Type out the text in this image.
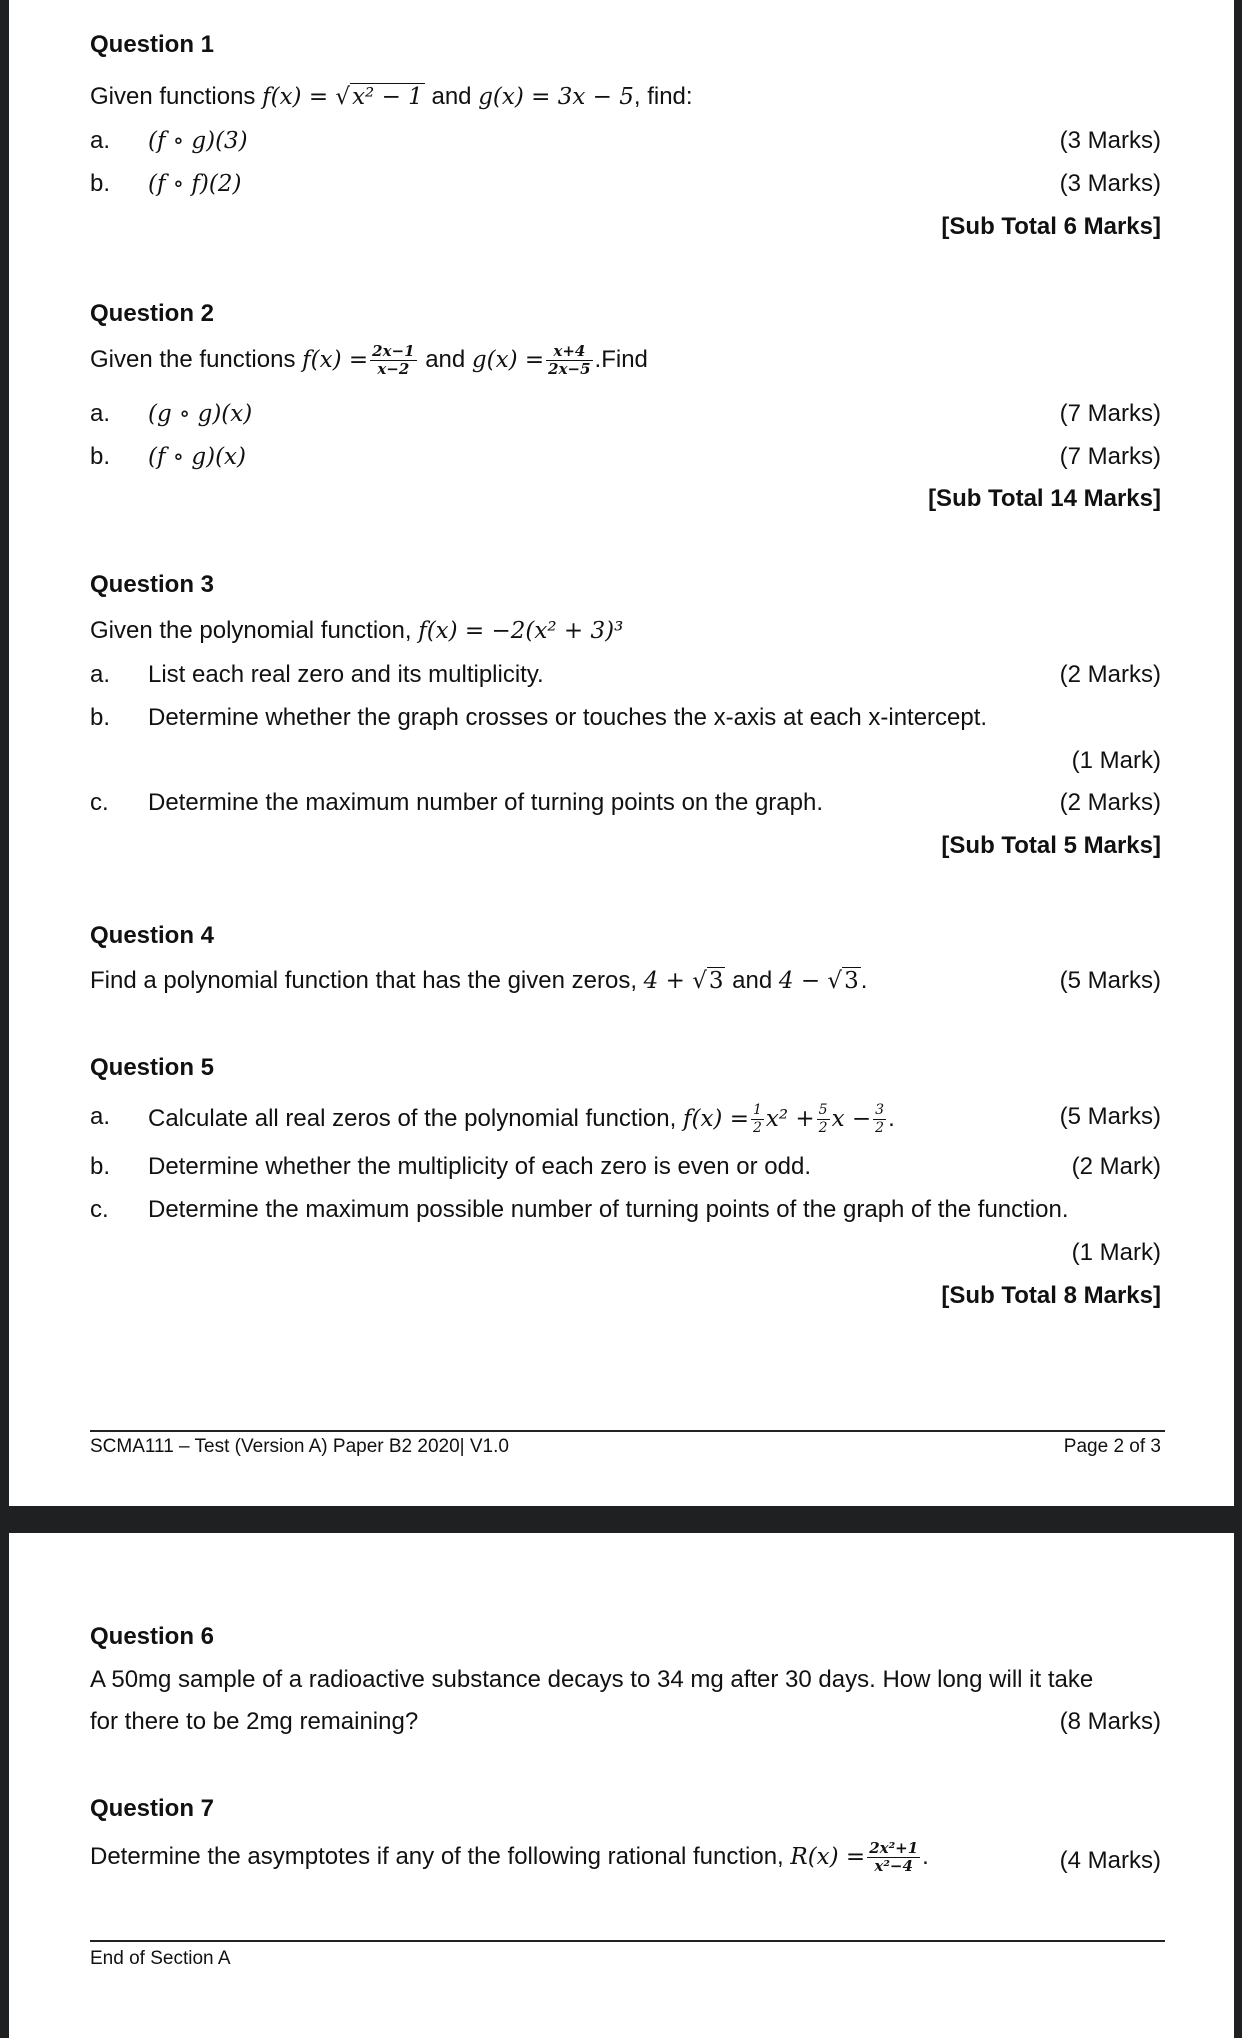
Question 1
Given functions f(x) = √x² − 1 and g(x) = 3x − 5, find:
a. (f ∘ g)(3)	(3 Marks)
b. (f ∘ f)(2)	(3 Marks)
[Sub Total 6 Marks]
Question 2
Given the functions $f(x) = \frac{2x-1}{x-2}$ and $g(x) = \frac{x+4}{2x-5}$ .Find
a. (g ∘ g)(x)	(7 Marks)
b. (f ∘ g)(x)	(7 Marks)
[Sub Total 14 Marks]
Question 3
Given the polynomial function, f(x) = −2(x² + 3)³
a. List each real zero and its multiplicity.	(2 Marks)
b. Determine whether the graph crosses or touches the x-axis at each x-intercept.
(1 Mark)
c. Determine the maximum number of turning points on the graph.	(2 Marks)
[Sub Total 5 Marks]
Question 4
Find a polynomial function that has the given zeros, 4 + √3 and 4 − √3.	(5 Marks)
Question 5
a. Calculate all real zeros of the polynomial function, $f(x) = \frac{1}{2} x^2 + \frac{5}{2}$ $x - \frac{3}{2}$ .	(5 Marks)
b. Determine whether the multiplicity of each zero is even or odd.	(2 Mark)
c. Determine the maximum possible number of turning points of the graph of the function.
(1 Mark)
[Sub Total 8 Marks]
SCMA111 – Test (Version A) Paper B2 2020| V1.0	Page 2 of 3
Question 6
A 50mg sample of a radioactive substance decays to 34 mg after 30 days. How long will it take
for there to be 2mg remaining?	(8 Marks)
Question 7
Determine the asymptotes if any of the following rational function, $R(x) = \frac{\text{2x²+1}}{\text{x²−4}}$ .	(4 Marks)
End of Section A
